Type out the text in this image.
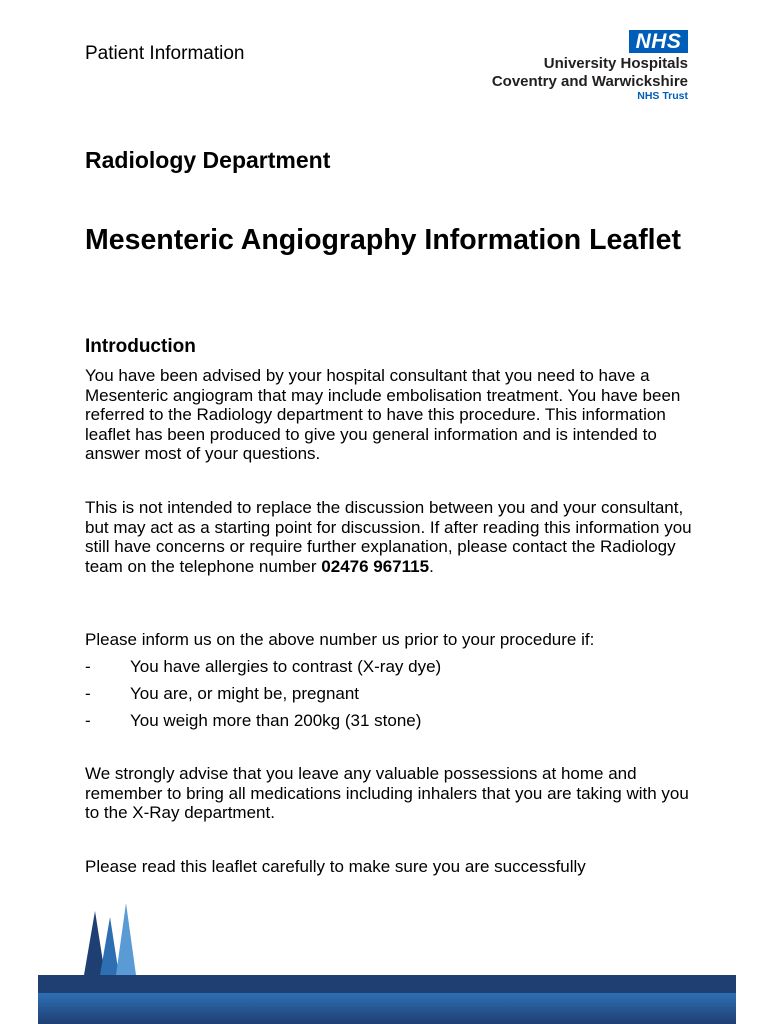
Patient Information
NHS
University Hospitals
Coventry and Warwickshire
NHS Trust
Radiology Department
Mesenteric Angiography Information Leaflet
Introduction

You have been advised by your hospital consultant that you need to have a Mesenteric angiogram that may include embolisation treatment. You have been referred to the Radiology department to have this procedure. This information leaflet has been produced to give you general information and is intended to answer most of your questions.

This is not intended to replace the discussion between you and your consultant, but may act as a starting point for discussion. If after reading this information you still have concerns or require further explanation, please contact the Radiology team on the telephone number 02476 967115.

Please inform us on the above number us prior to your procedure if:

-	You have allergies to contrast (X-ray dye)
-	You are, or might be, pregnant
-	You weigh more than 200kg (31 stone)

We strongly advise that you leave any valuable possessions at home and remember to bring all medications including inhalers that you are taking with you to the X-Ray department.

Please read this leaflet carefully to make sure you are successfully
